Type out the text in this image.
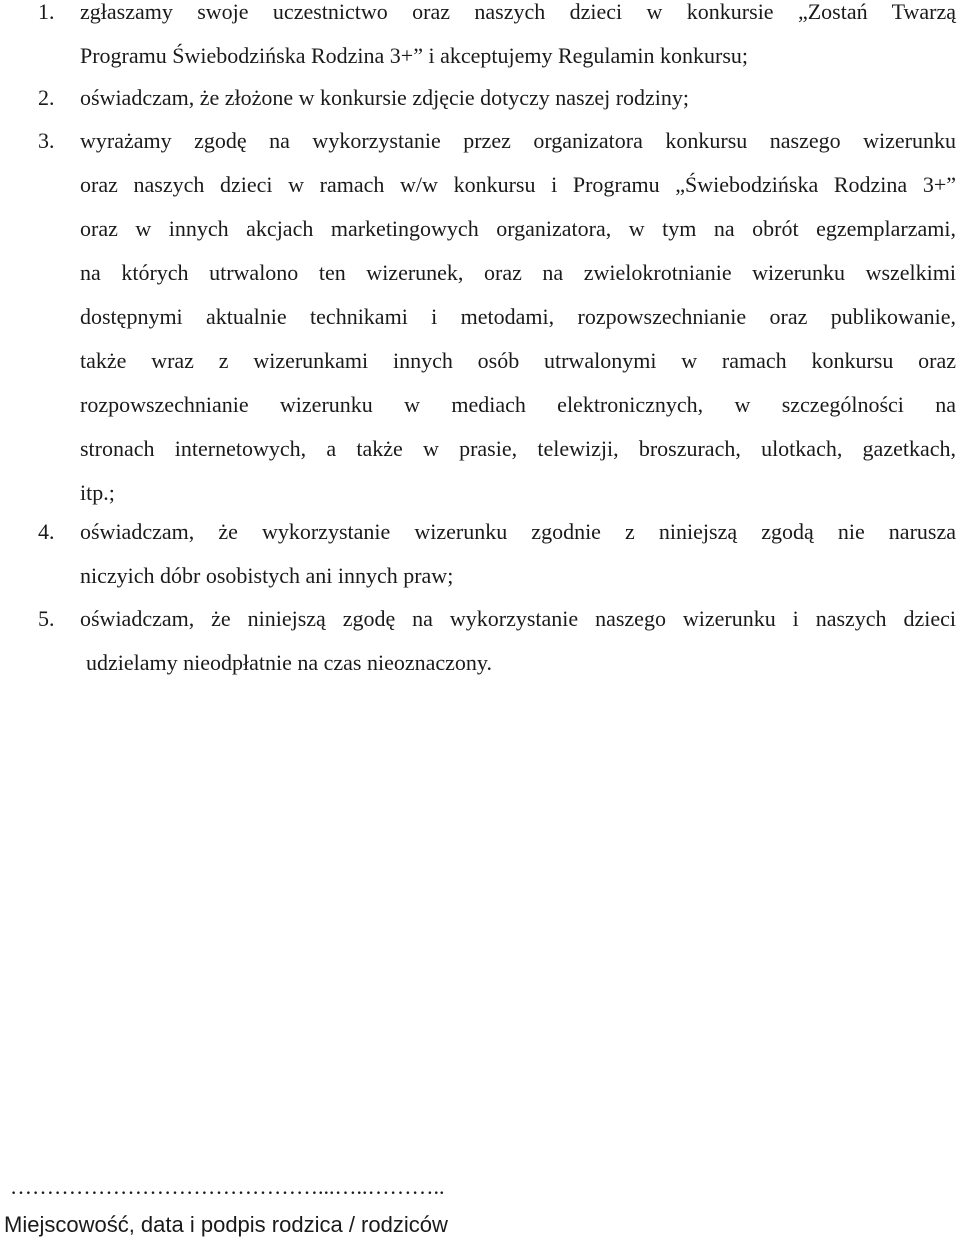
1. zgłaszamy swoje uczestnictwo oraz naszych dzieci w konkursie „Zostań Twarzą
Programu Świebodzińska Rodzina 3+” i akceptujemy Regulamin konkursu;
2. oświadczam, że złożone w konkursie zdjęcie dotyczy naszej rodziny;
3. wyrażamy zgodę na wykorzystanie przez organizatora konkursu naszego wizerunku
oraz naszych dzieci w ramach w/w konkursu i Programu „Świebodzińska Rodzina 3+”
oraz w innych akcjach marketingowych organizatora, w tym na obrót egzemplarzami,
na których utrwalono ten wizerunek, oraz na zwielokrotnianie wizerunku wszelkimi
dostępnymi aktualnie technikami i metodami, rozpowszechnianie oraz publikowanie,
także wraz z wizerunkami innych osób utrwalonymi w ramach konkursu oraz
rozpowszechnianie wizerunku w mediach elektronicznych, w szczególności na
stronach internetowych, a także w prasie, telewizji, broszurach, ulotkach, gazetkach,
itp.;
4. oświadczam, że wykorzystanie wizerunku zgodnie z niniejszą zgodą nie narusza
niczyich dóbr osobistych ani innych praw;
5. oświadczam, że niniejszą zgodę na wykorzystanie naszego wizerunku i naszych dzieci
udzielamy nieodpłatnie na czas nieoznaczony.
……………………………………...…..………..
Miejscowość, data i podpis rodzica / rodziców
